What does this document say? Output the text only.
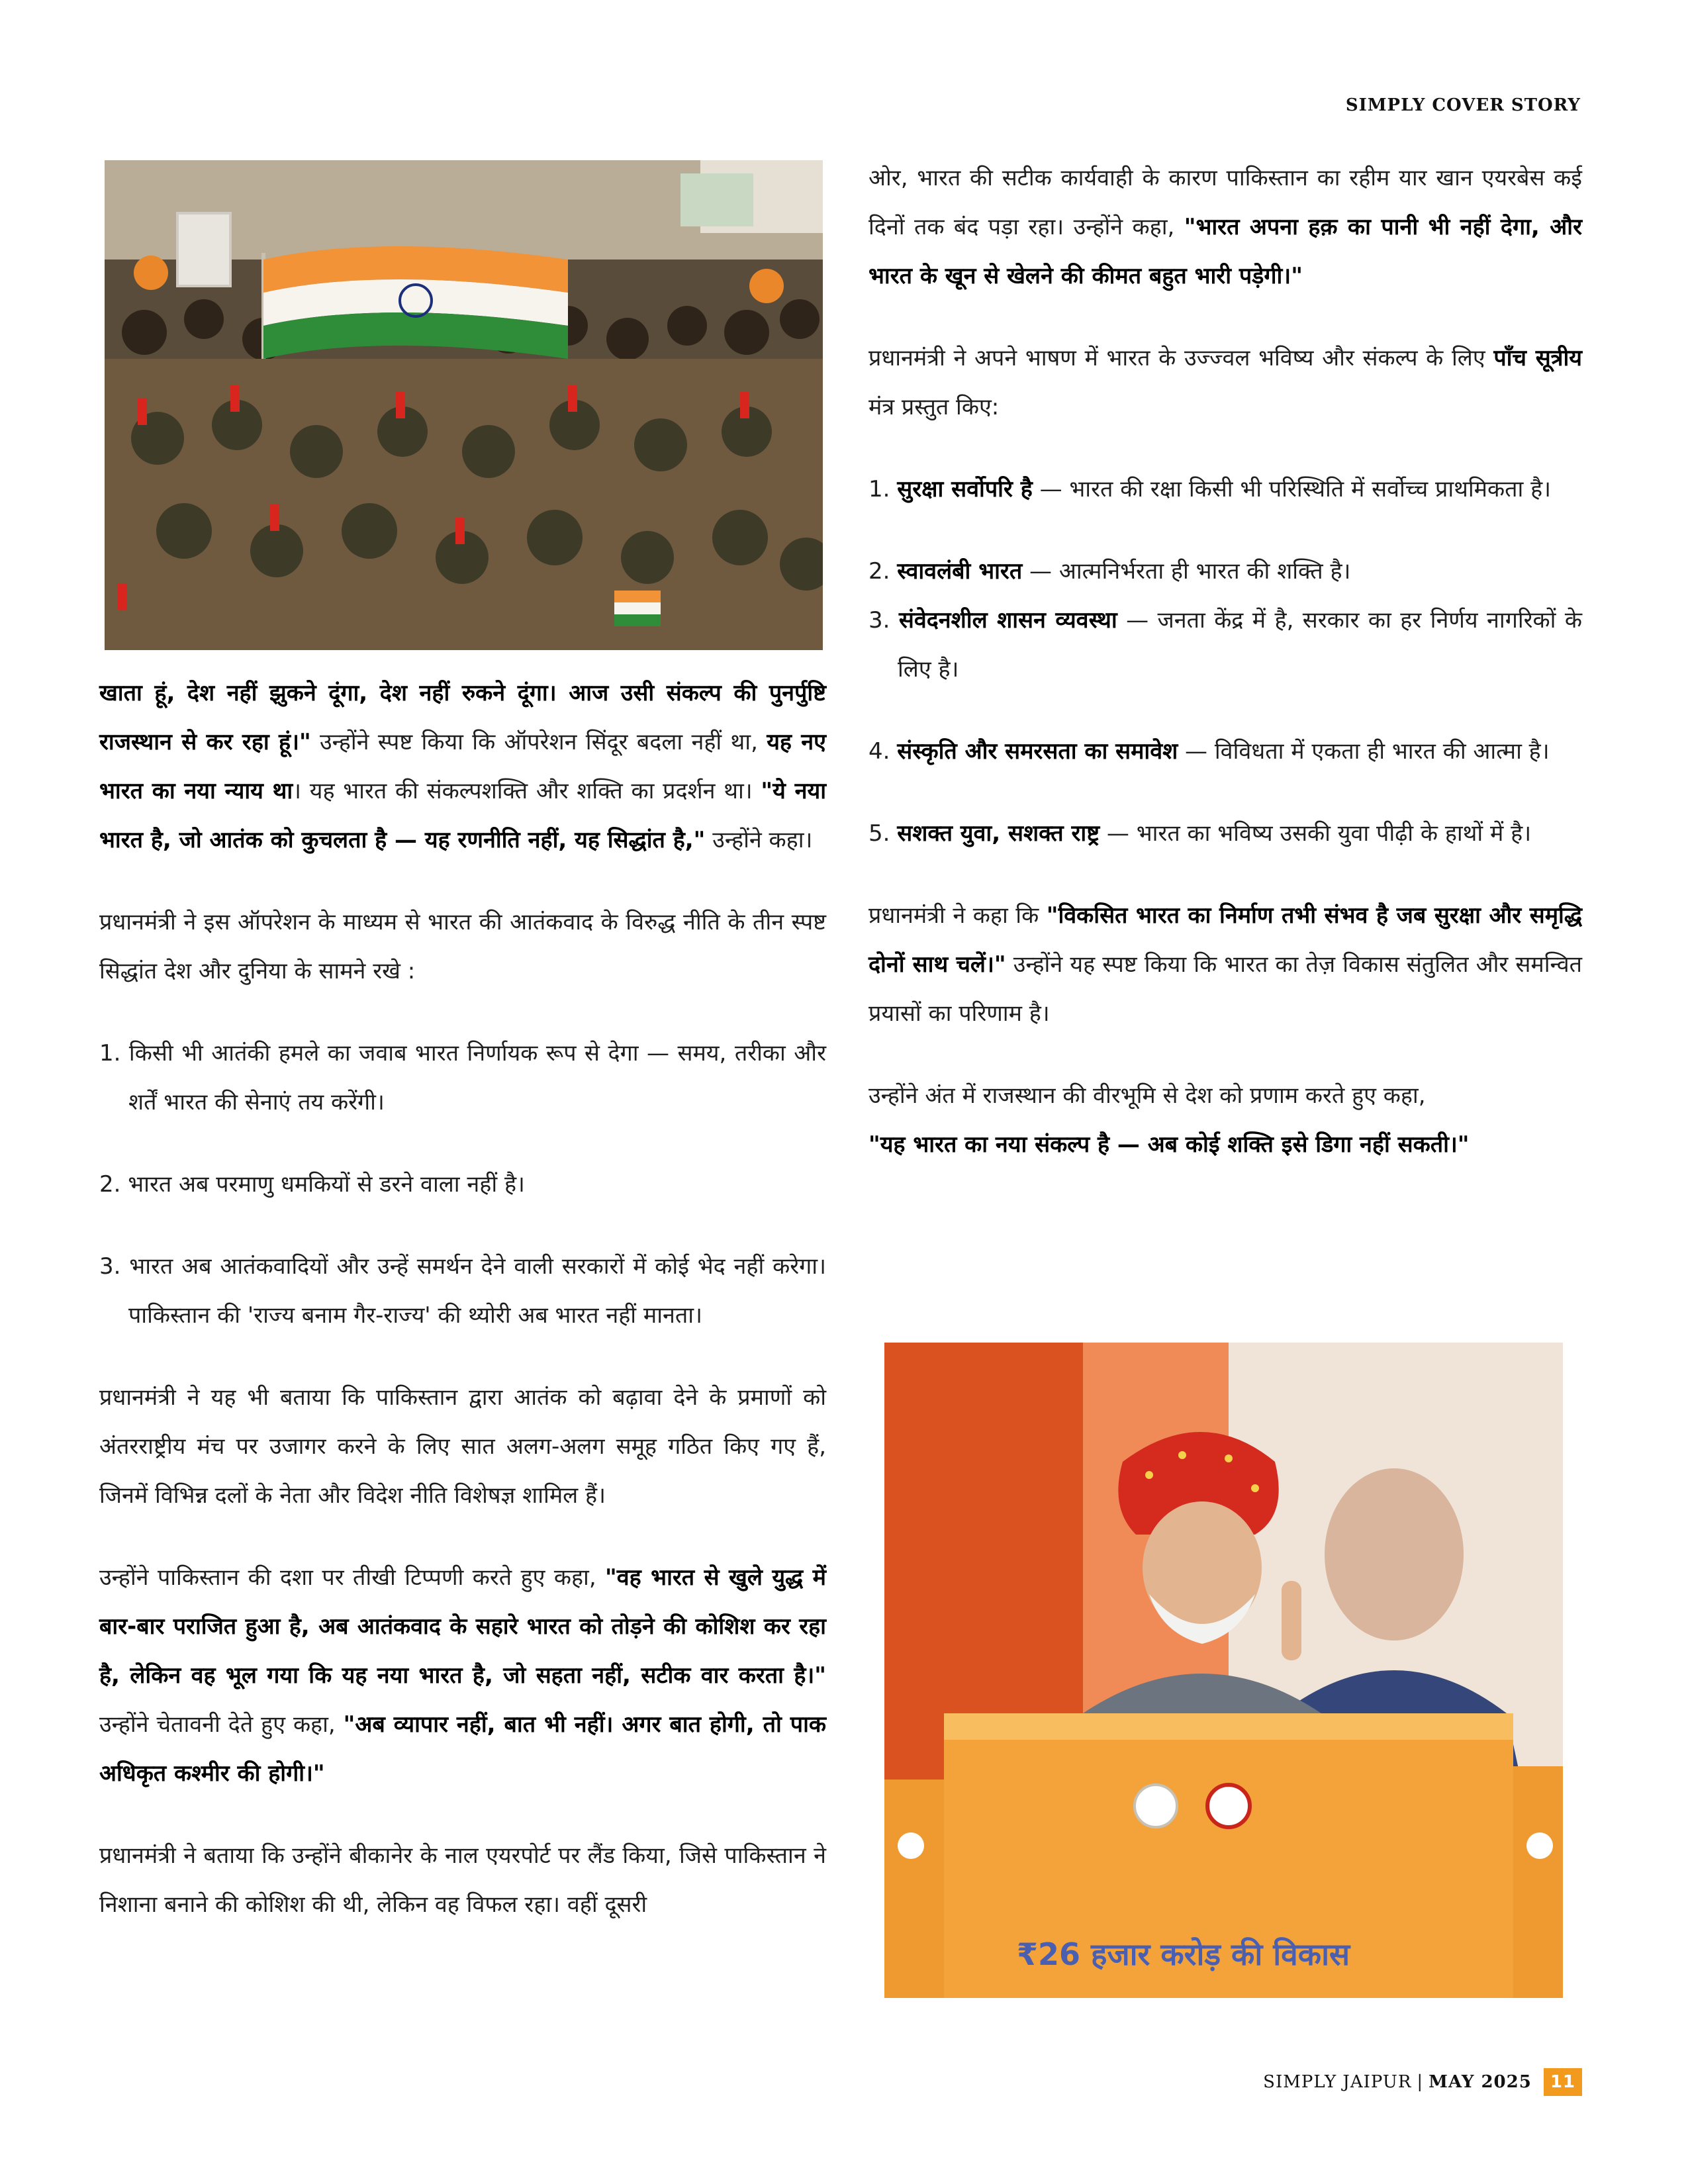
SIMPLY COVER STORY

खाता हूं, देश नहीं झुकने दूंगा, देश नहीं रुकने दूंगा। आज उसी संकल्प की पुनर्पुष्टि राजस्थान से कर रहा हूं।" उन्होंने स्पष्ट किया कि ऑपरेशन सिंदूर बदला नहीं था, यह नए भारत का नया न्याय था। यह भारत की संकल्पशक्ति और शक्ति का प्रदर्शन था। "ये नया भारत है, जो आतंक को कुचलता है — यह रणनीति नहीं, यह सिद्धांत है," उन्होंने कहा।

प्रधानमंत्री ने इस ऑपरेशन के माध्यम से भारत की आतंकवाद के विरुद्ध नीति के तीन स्पष्ट सिद्धांत देश और दुनिया के सामने रखे :

1. किसी भी आतंकी हमले का जवाब भारत निर्णायक रूप से देगा — समय, तरीका और शर्तें भारत की सेनाएं तय करेंगी।
2. भारत अब परमाणु धमकियों से डरने वाला नहीं है।
3. भारत अब आतंकवादियों और उन्हें समर्थन देने वाली सरकारों में कोई भेद नहीं करेगा। पाकिस्तान की 'राज्य बनाम गैर-राज्य' की थ्योरी अब भारत नहीं मानता।

प्रधानमंत्री ने यह भी बताया कि पाकिस्तान द्वारा आतंक को बढ़ावा देने के प्रमाणों को अंतरराष्ट्रीय मंच पर उजागर करने के लिए सात अलग-अलग समूह गठित किए गए हैं, जिनमें विभिन्न दलों के नेता और विदेश नीति विशेषज्ञ शामिल हैं।

उन्होंने पाकिस्तान की दशा पर तीखी टिप्पणी करते हुए कहा, "वह भारत से खुले युद्ध में बार-बार पराजित हुआ है, अब आतंकवाद के सहारे भारत को तोड़ने की कोशिश कर रहा है, लेकिन वह भूल गया कि यह नया भारत है, जो सहता नहीं, सटीक वार करता है।" उन्होंने चेतावनी देते हुए कहा, "अब व्यापार नहीं, बात भी नहीं। अगर बात होगी, तो पाक अधिकृत कश्मीर की होगी।"

प्रधानमंत्री ने बताया कि उन्होंने बीकानेर के नाल एयरपोर्ट पर लैंड किया, जिसे पाकिस्तान ने निशाना बनाने की कोशिश की थी, लेकिन वह विफल रहा। वहीं दूसरी

ओर, भारत की सटीक कार्यवाही के कारण पाकिस्तान का रहीम यार खान एयरबेस कई दिनों तक बंद पड़ा रहा। उन्होंने कहा, "भारत अपना हक़ का पानी भी नहीं देगा, और भारत के खून से खेलने की कीमत बहुत भारी पड़ेगी।"

प्रधानमंत्री ने अपने भाषण में भारत के उज्ज्वल भविष्य और संकल्प के लिए पाँच सूत्रीय मंत्र प्रस्तुत किए:

1. सुरक्षा सर्वोपरि है — भारत की रक्षा किसी भी परिस्थिति में सर्वोच्च प्राथमिकता है।
2. स्वावलंबी भारत — आत्मनिर्भरता ही भारत की शक्ति है।
3. संवेदनशील शासन व्यवस्था — जनता केंद्र में है, सरकार का हर निर्णय नागरिकों के लिए है।
4. संस्कृति और समरसता का समावेश — विविधता में एकता ही भारत की आत्मा है।
5. सशक्त युवा, सशक्त राष्ट्र — भारत का भविष्य उसकी युवा पीढ़ी के हाथों में है।

प्रधानमंत्री ने कहा कि "विकसित भारत का निर्माण तभी संभव है जब सुरक्षा और समृद्धि दोनों साथ चलें।" उन्होंने यह स्पष्ट किया कि भारत का तेज़ विकास संतुलित और समन्वित प्रयासों का परिणाम है।

उन्होंने अंत में राजस्थान की वीरभूमि से देश को प्रणाम करते हुए कहा,
"यह भारत का नया संकल्प है — अब कोई शक्ति इसे डिगा नहीं सकती।"

₹26 हजार करोड़ की विकास
SIMPLY JAIPUR | MAY 2025	11
